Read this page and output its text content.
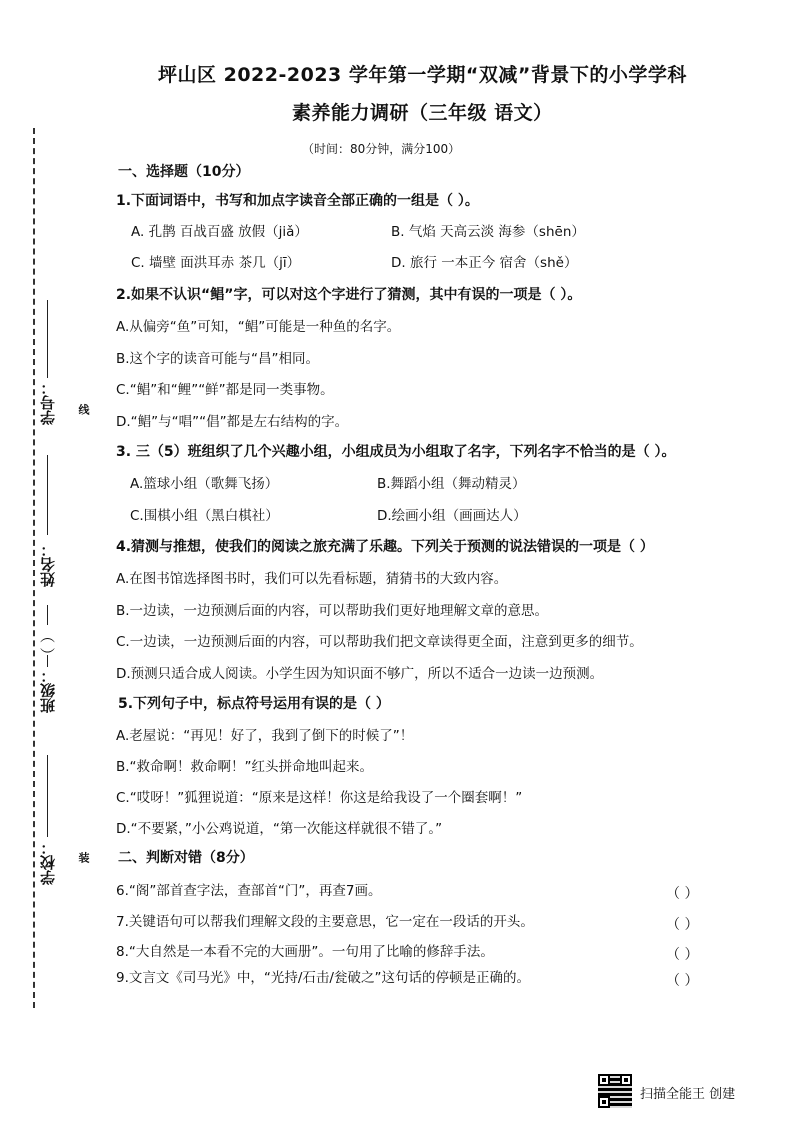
学号：
姓名：
（ ）
班级：
学校：
线
装
坪山区 2022-2023 学年第一学期“双减”背景下的小学学科
素养能力调研（三年级 语文）
（时间：80分钟，满分100）
一、选择题（10分）
1.下面词语中，书写和加点字读音全部正确的一组是（ ）。
A. 孔鹊 百战百盛 放假（jiǎ）	B. 气焰 天高云淡 海参（shēn）
C. 墙壁 面洪耳赤 茶几（jī）	D. 旅行 一本正今 宿舍（shě）
2.如果不认识“鲳”字，可以对这个字进行了猜测，其中有误的一项是（ ）。
A.从偏旁“鱼”可知，“鲳”可能是一种鱼的名字。
B.这个字的读音可能与“昌”相同。
C.“鲳”和“鲤”“鲜”都是同一类事物。
D.“鲳”与“唱”“倡”都是左右结构的字。
3. 三（5）班组织了几个兴趣小组，小组成员为小组取了名字，下列名字不恰当的是（ ）。
A.篮球小组（歌舞飞扬）	B.舞蹈小组（舞动精灵）
C.围棋小组（黑白棋社）	D.绘画小组（画画达人）
4.猜测与推想，使我们的阅读之旅充满了乐趣。下列关于预测的说法错误的一项是（ ）
A.在图书馆选择图书时，我们可以先看标题，猜猜书的大致内容。
B.一边读，一边预测后面的内容，可以帮助我们更好地理解文章的意思。
C.一边读，一边预测后面的内容，可以帮助我们把文章读得更全面，注意到更多的细节。
D.预测只适合成人阅读。小学生因为知识面不够广，所以不适合一边读一边预测。
5.下列句子中，标点符号运用有误的是（ ）
A.老屋说：“再见！好了，我到了倒下的时候了”！
B.“救命啊！救命啊！”红头拼命地叫起来。
C.“哎呀！”狐狸说道：“原来是这样！你这是给我设了一个圈套啊！”
D.“不要紧，”小公鸡说道，“第一次能这样就很不错了。”
二、判断对错（8分）
6.“阁”部首查字法，查部首“门”，再查7画。	（ ）
7.关键语句可以帮我们理解文段的主要意思，它一定在一段话的开头。	（ ）
8.“大自然是一本看不完的大画册”。一句用了比喻的修辞手法。	（ ）
9.文言文《司马光》中，“光持/石击/瓮破之”这句话的停顿是正确的。	（ ）
扫描全能王 创建
